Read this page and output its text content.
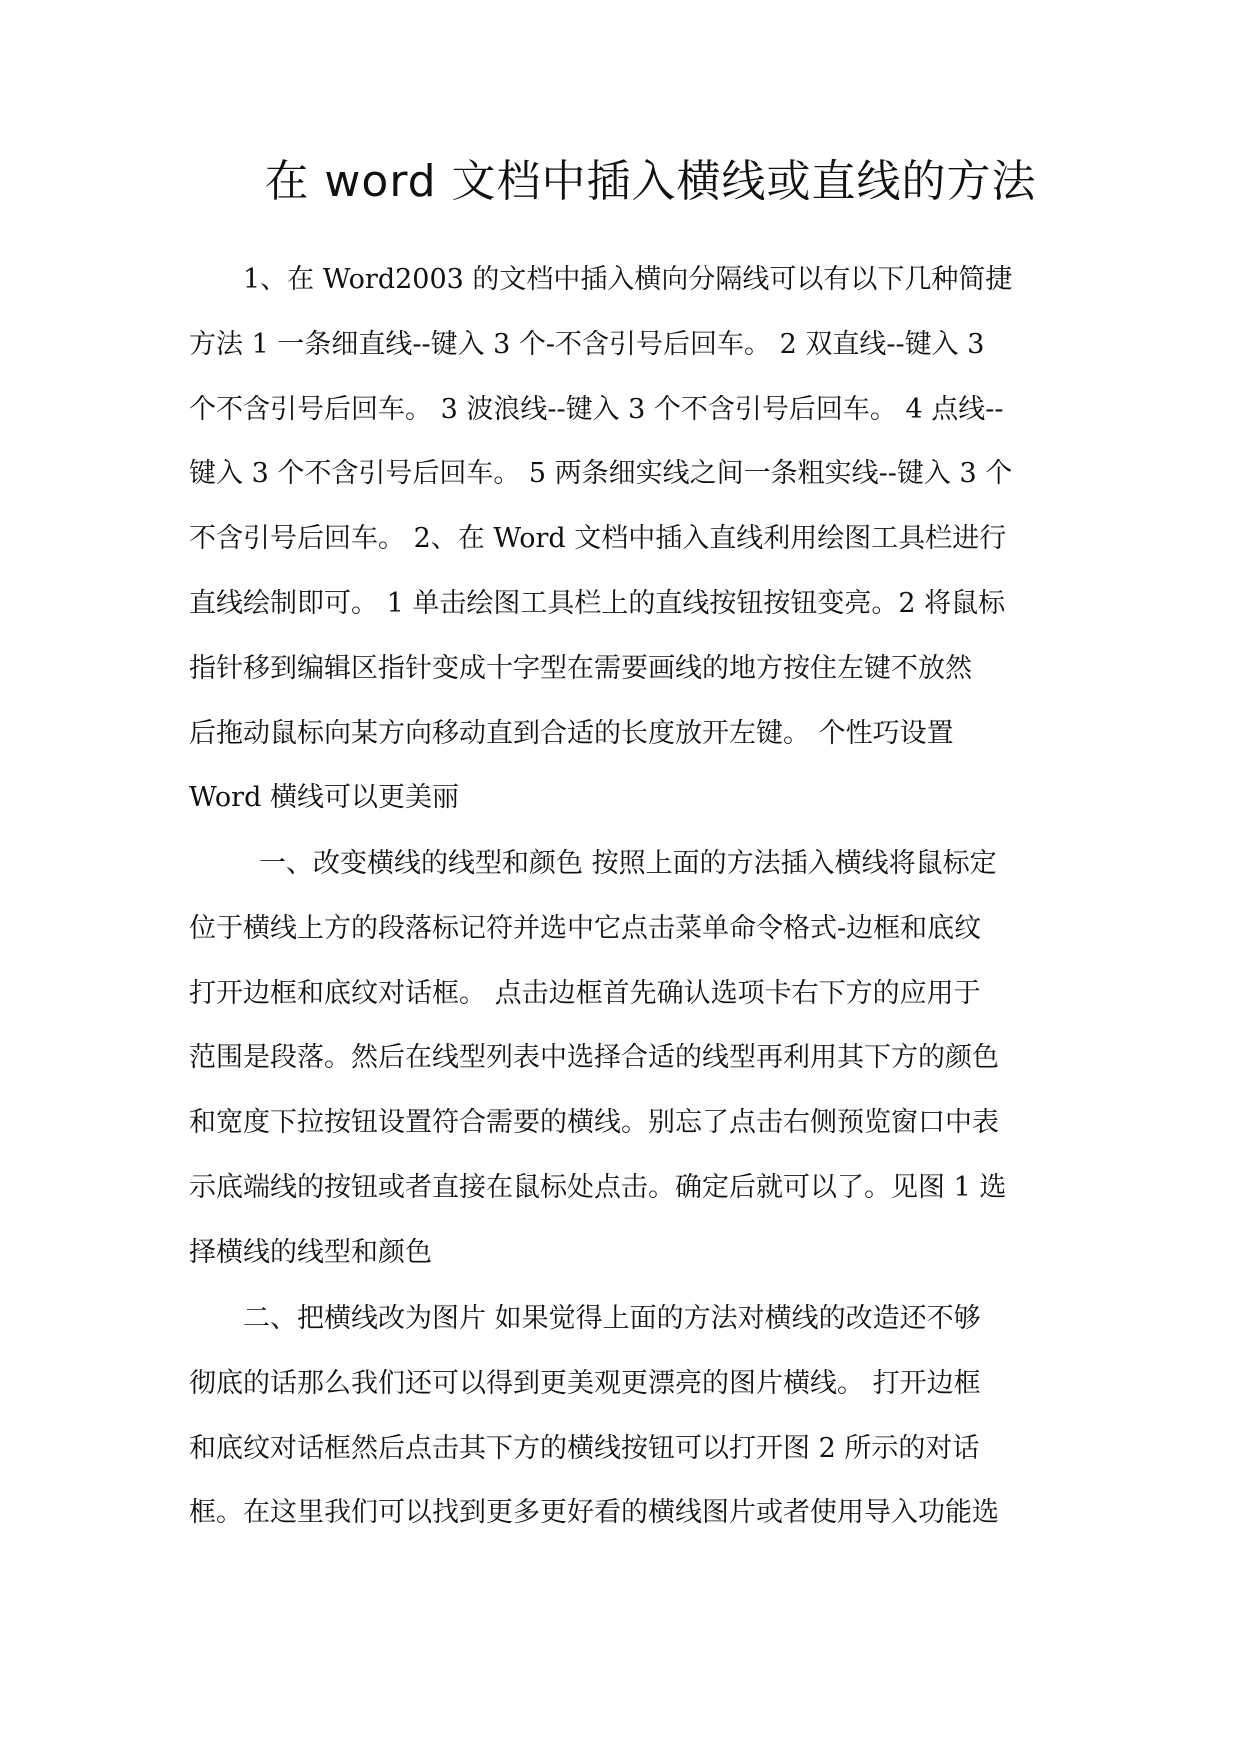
在 word 文档中插入横线或直线的方法
1、在 Word2003 的文档中插入横向分隔线可以有以下几种简捷
方法 1 一条细直线--键入 3 个-不含引号后回车。 2 双直线--键入 3
个不含引号后回车。 3 波浪线--键入 3 个不含引号后回车。 4 点线--
键入 3 个不含引号后回车。 5 两条细实线之间一条粗实线--键入 3 个
不含引号后回车。 2、在 Word 文档中插入直线利用绘图工具栏进行
直线绘制即可。 1 单击绘图工具栏上的直线按钮按钮变亮。2 将鼠标
指针移到编辑区指针变成十字型在需要画线的地方按住左键不放然
后拖动鼠标向某方向移动直到合适的长度放开左键。 个性巧设置
Word 横线可以更美丽
一、改变横线的线型和颜色 按照上面的方法插入横线将鼠标定
位于横线上方的段落标记符并选中它点击菜单命令格式-边框和底纹
打开边框和底纹对话框。 点击边框首先确认选项卡右下方的应用于
范围是段落。然后在线型列表中选择合适的线型再利用其下方的颜色
和宽度下拉按钮设置符合需要的横线。别忘了点击右侧预览窗口中表
示底端线的按钮或者直接在鼠标处点击。确定后就可以了。见图 1 选
择横线的线型和颜色
二、把横线改为图片 如果觉得上面的方法对横线的改造还不够
彻底的话那么我们还可以得到更美观更漂亮的图片横线。 打开边框
和底纹对话框然后点击其下方的横线按钮可以打开图 2 所示的对话
框。在这里我们可以找到更多更好看的横线图片或者使用导入功能选
